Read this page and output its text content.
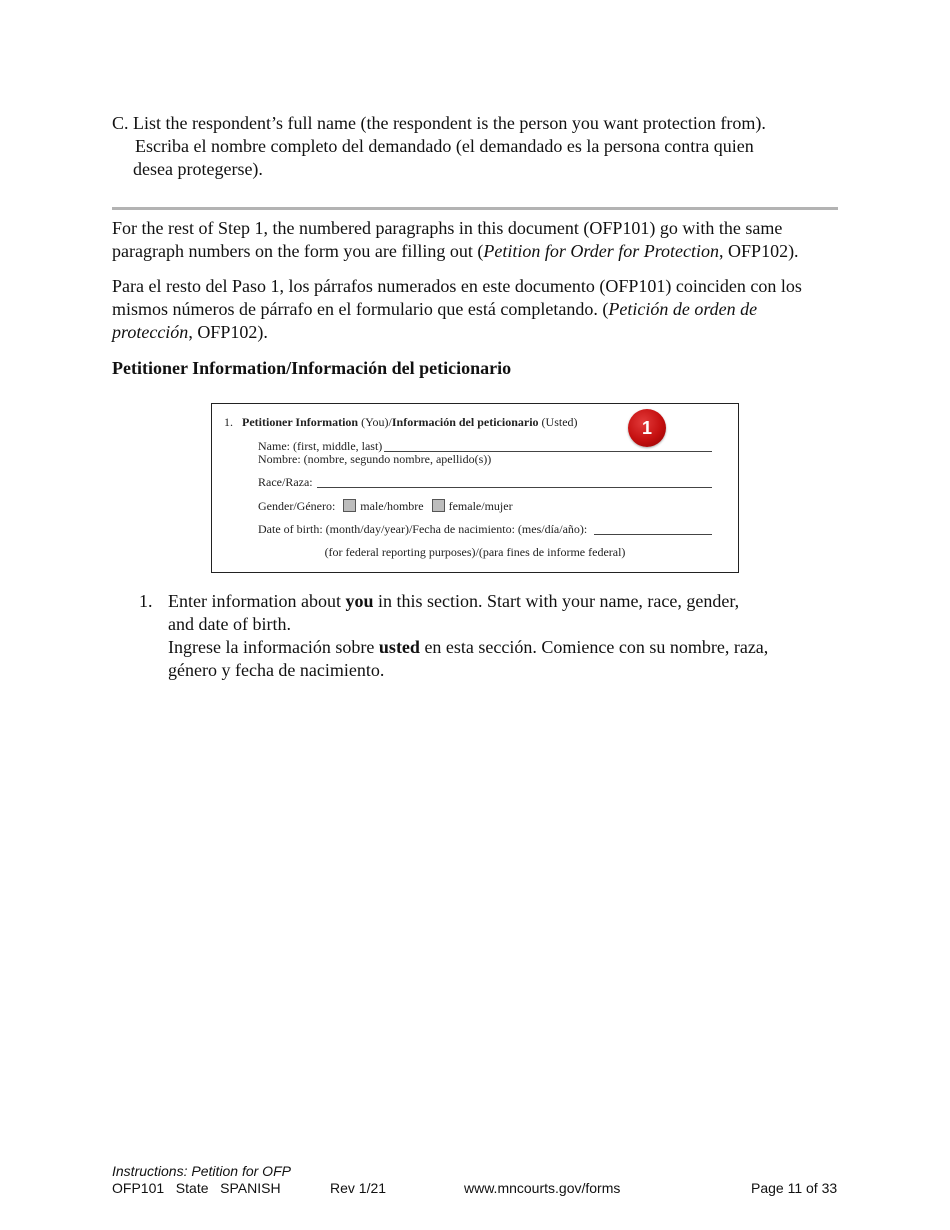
C. List the respondent’s full name (the respondent is the person you want protection from).
Escriba el nombre completo del demandado (el demandado es la persona contra quien
desea protegerse).
For the rest of Step 1, the numbered paragraphs in this document (OFP101) go with the same paragraph numbers on the form you are filling out (Petition for Order for Protection, OFP102).
Para el resto del Paso 1, los párrafos numerados en este documento (OFP101) coinciden con los mismos números de párrafo en el formulario que está completando. (Petición de orden de protección, OFP102).
Petitioner Information/Información del peticionario
1. Petitioner Information (You)/Información del peticionario (Usted)	1
Name: (first, middle, last)
Nombre: (nombre, segundo nombre, apellido(s))
Race/Raza:
Gender/Género: male/hombre female/mujer
Date of birth: (month/day/year)/Fecha de nacimiento: (mes/día/año):
(for federal reporting purposes)/(para fines de informe federal)
1. Enter information about you in this section. Start with your name, race, gender,
and date of birth.
Ingrese la información sobre usted en esta sección. Comience con su nombre, raza,
género y fecha de nacimiento.
Instructions: Petition for OFP
OFP101   State   SPANISH	Rev 1/21	www.mncourts.gov/forms	Page 11 of 33
